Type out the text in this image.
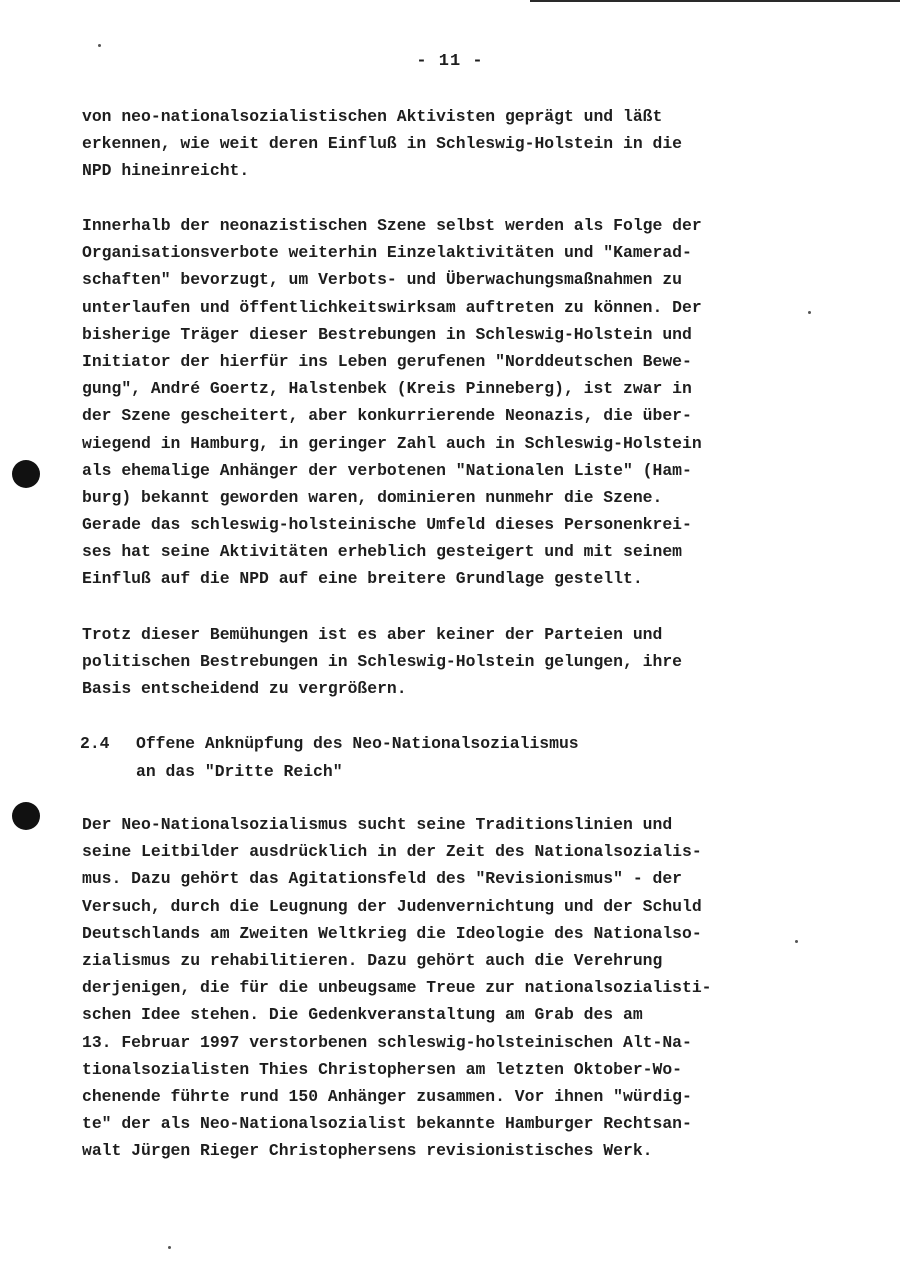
- 11 -
von neo-nationalsozialistischen Aktivisten geprägt und läßt
erkennen, wie weit deren Einfluß in Schleswig-Holstein in die
NPD hineinreicht.
Innerhalb der neonazistischen Szene selbst werden als Folge der
Organisationsverbote weiterhin Einzelaktivitäten und "Kamerad-
schaften" bevorzugt, um Verbots- und Überwachungsmaßnahmen zu
unterlaufen und öffentlichkeitswirksam auftreten zu können. Der
bisherige Träger dieser Bestrebungen in Schleswig-Holstein und
Initiator der hierfür ins Leben gerufenen "Norddeutschen Bewe-
gung", André Goertz, Halstenbek (Kreis Pinneberg), ist zwar in
der Szene gescheitert, aber konkurrierende Neonazis, die über-
wiegend in Hamburg, in geringer Zahl auch in Schleswig-Holstein
als ehemalige Anhänger der verbotenen "Nationalen Liste" (Ham-
burg) bekannt geworden waren, dominieren nunmehr die Szene.
Gerade das schleswig-holsteinische Umfeld dieses Personenkrei-
ses hat seine Aktivitäten erheblich gesteigert und mit seinem
Einfluß auf die NPD auf eine breitere Grundlage gestellt.
Trotz dieser Bemühungen ist es aber keiner der Parteien und
politischen Bestrebungen in Schleswig-Holstein gelungen, ihre
Basis entscheidend zu vergrößern.
2.4 Offene Anknüpfung des Neo-Nationalsozialismus
an das "Dritte Reich"
Der Neo-Nationalsozialismus sucht seine Traditionslinien und
seine Leitbilder ausdrücklich in der Zeit des Nationalsozialis-
mus. Dazu gehört das Agitationsfeld des "Revisionismus" - der
Versuch, durch die Leugnung der Judenvernichtung und der Schuld
Deutschlands am Zweiten Weltkrieg die Ideologie des Nationalso-
zialismus zu rehabilitieren. Dazu gehört auch die Verehrung
derjenigen, die für die unbeugsame Treue zur nationalsozialisti-
schen Idee stehen. Die Gedenkveranstaltung am Grab des am
13. Februar 1997 verstorbenen schleswig-holsteinischen Alt-Na-
tionalsozialisten Thies Christophersen am letzten Oktober-Wo-
chenende führte rund 150 Anhänger zusammen. Vor ihnen "würdig-
te" der als Neo-Nationalsozialist bekannte Hamburger Rechtsan-
walt Jürgen Rieger Christophersens revisionistisches Werk.
